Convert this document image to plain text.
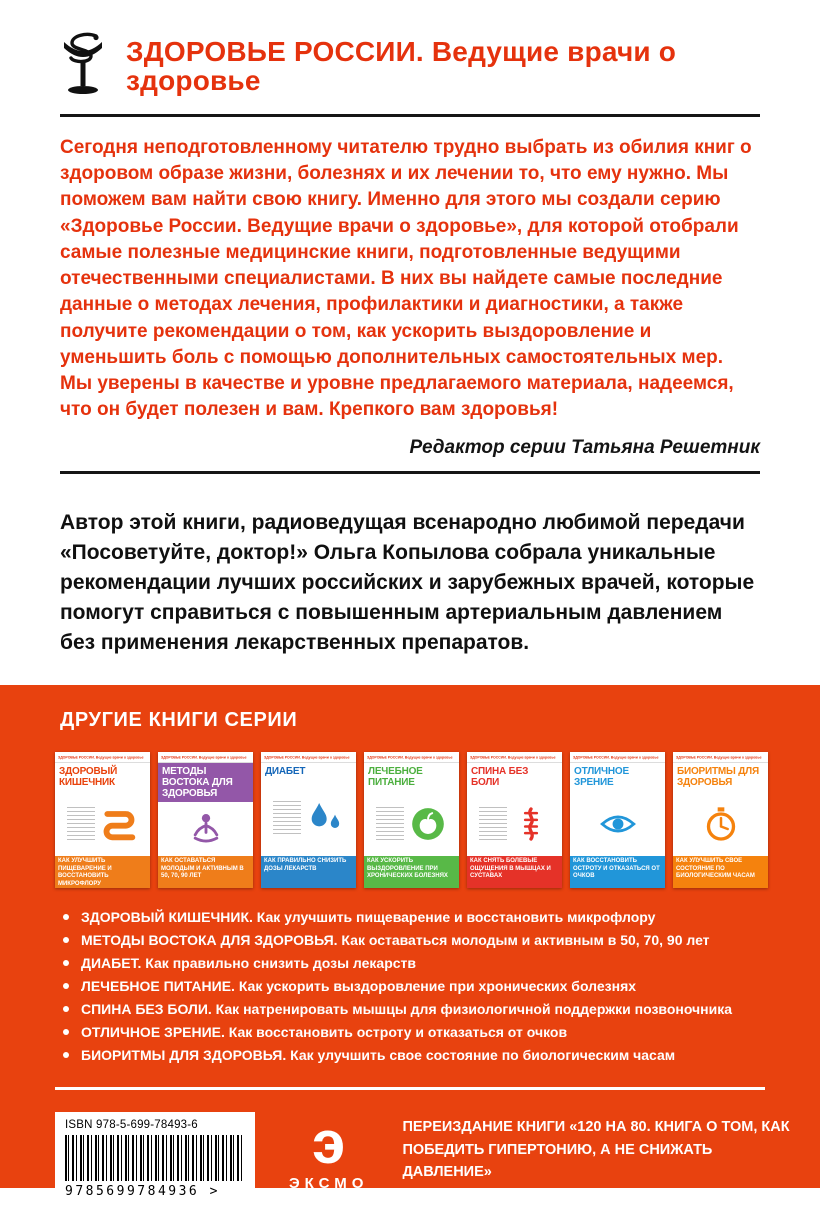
ЗДОРОВЬЕ РОССИИ. Ведущие врачи о здоровье
Сегодня неподготовленному читателю трудно выбрать из обилия книг о здоровом образе жизни, болезнях и их лечении то, что ему нужно. Мы поможем вам найти свою книгу. Именно для этого мы создали серию «Здоровье России. Ведущие врачи о здоровье», для которой отобрали самые полезные медицинские книги, подготовленные ведущими отечественными специалистами. В них вы найдете самые последние данные о методах лечения, профилактики и диагностики, а также получите рекомендации о том, как ускорить выздоровление и уменьшить боль с помощью дополнительных самостоятельных мер. Мы уверены в качестве и уровне предлагаемого материала, надеемся, что он будет полезен и вам. Крепкого вам здоровья!
Редактор серии Татьяна Решетник
Автор этой книги, радиоведущая всенародно любимой передачи «Посоветуйте, доктор!» Ольга Копылова собрала уникальные рекомендации лучших российских и зарубежных врачей, которые помогут справиться с повышенным артериальным давлением без применения лекарственных препаратов.
ДРУГИЕ КНИГИ СЕРИИ
ЗДОРОВЬЕ РОССИИ. Ведущие врачи о здоровье
ЗДОРОВЫЙ КИШЕЧНИК
КАК УЛУЧШИТЬ ПИЩЕВАРЕНИЕ И ВОССТАНОВИТЬ МИКРОФЛОРУ
ЗДОРОВЬЕ РОССИИ. Ведущие врачи о здоровье
МЕТОДЫ ВОСТОКА ДЛЯ ЗДОРОВЬЯ
КАК ОСТАВАТЬСЯ МОЛОДЫМ И АКТИВНЫМ В 50, 70, 90 ЛЕТ
ЗДОРОВЬЕ РОССИИ. Ведущие врачи о здоровье
ДИАБЕТ
КАК ПРАВИЛЬНО СНИЗИТЬ ДОЗЫ ЛЕКАРСТВ
ЗДОРОВЬЕ РОССИИ. Ведущие врачи о здоровье
ЛЕЧЕБНОЕ ПИТАНИЕ
КАК УСКОРИТЬ ВЫЗДОРОВЛЕНИЕ ПРИ ХРОНИЧЕСКИХ БОЛЕЗНЯХ
ЗДОРОВЬЕ РОССИИ. Ведущие врачи о здоровье
СПИНА БЕЗ БОЛИ
КАК СНЯТЬ БОЛЕВЫЕ ОЩУЩЕНИЯ В МЫШЦАХ И СУСТАВАХ
ЗДОРОВЬЕ РОССИИ. Ведущие врачи о здоровье
ОТЛИЧНОЕ ЗРЕНИЕ
КАК ВОССТАНОВИТЬ ОСТРОТУ И ОТКАЗАТЬСЯ ОТ ОЧКОВ
ЗДОРОВЬЕ РОССИИ. Ведущие врачи о здоровье
БИОРИТМЫ ДЛЯ ЗДОРОВЬЯ
КАК УЛУЧШИТЬ СВОЕ СОСТОЯНИЕ ПО БИОЛОГИЧЕСКИМ ЧАСАМ
ЗДОРОВЫЙ КИШЕЧНИК. Как улучшить пищеварение и восстановить микрофлору
МЕТОДЫ ВОСТОКА ДЛЯ ЗДОРОВЬЯ. Как оставаться молодым и активным в 50, 70, 90 лет
ДИАБЕТ. Как правильно снизить дозы лекарств
ЛЕЧЕБНОЕ ПИТАНИЕ. Как ускорить выздоровление при хронических болезнях
СПИНА БЕЗ БОЛИ. Как натренировать мышцы для физиологичной поддержки позвоночника
ОТЛИЧНОЕ ЗРЕНИЕ. Как восстановить остроту и отказаться от очков
БИОРИТМЫ ДЛЯ ЗДОРОВЬЯ. Как улучшить свое состояние по биологическим часам
ISBN 978-5-699-78493-6
9785699784936 >
э
ЭКСМО
ПЕРЕИЗДАНИЕ КНИГИ «120 НА 80. КНИГА О ТОМ, КАК ПОБЕДИТЬ ГИПЕРТОНИЮ, А НЕ СНИЖАТЬ ДАВЛЕНИЕ»
